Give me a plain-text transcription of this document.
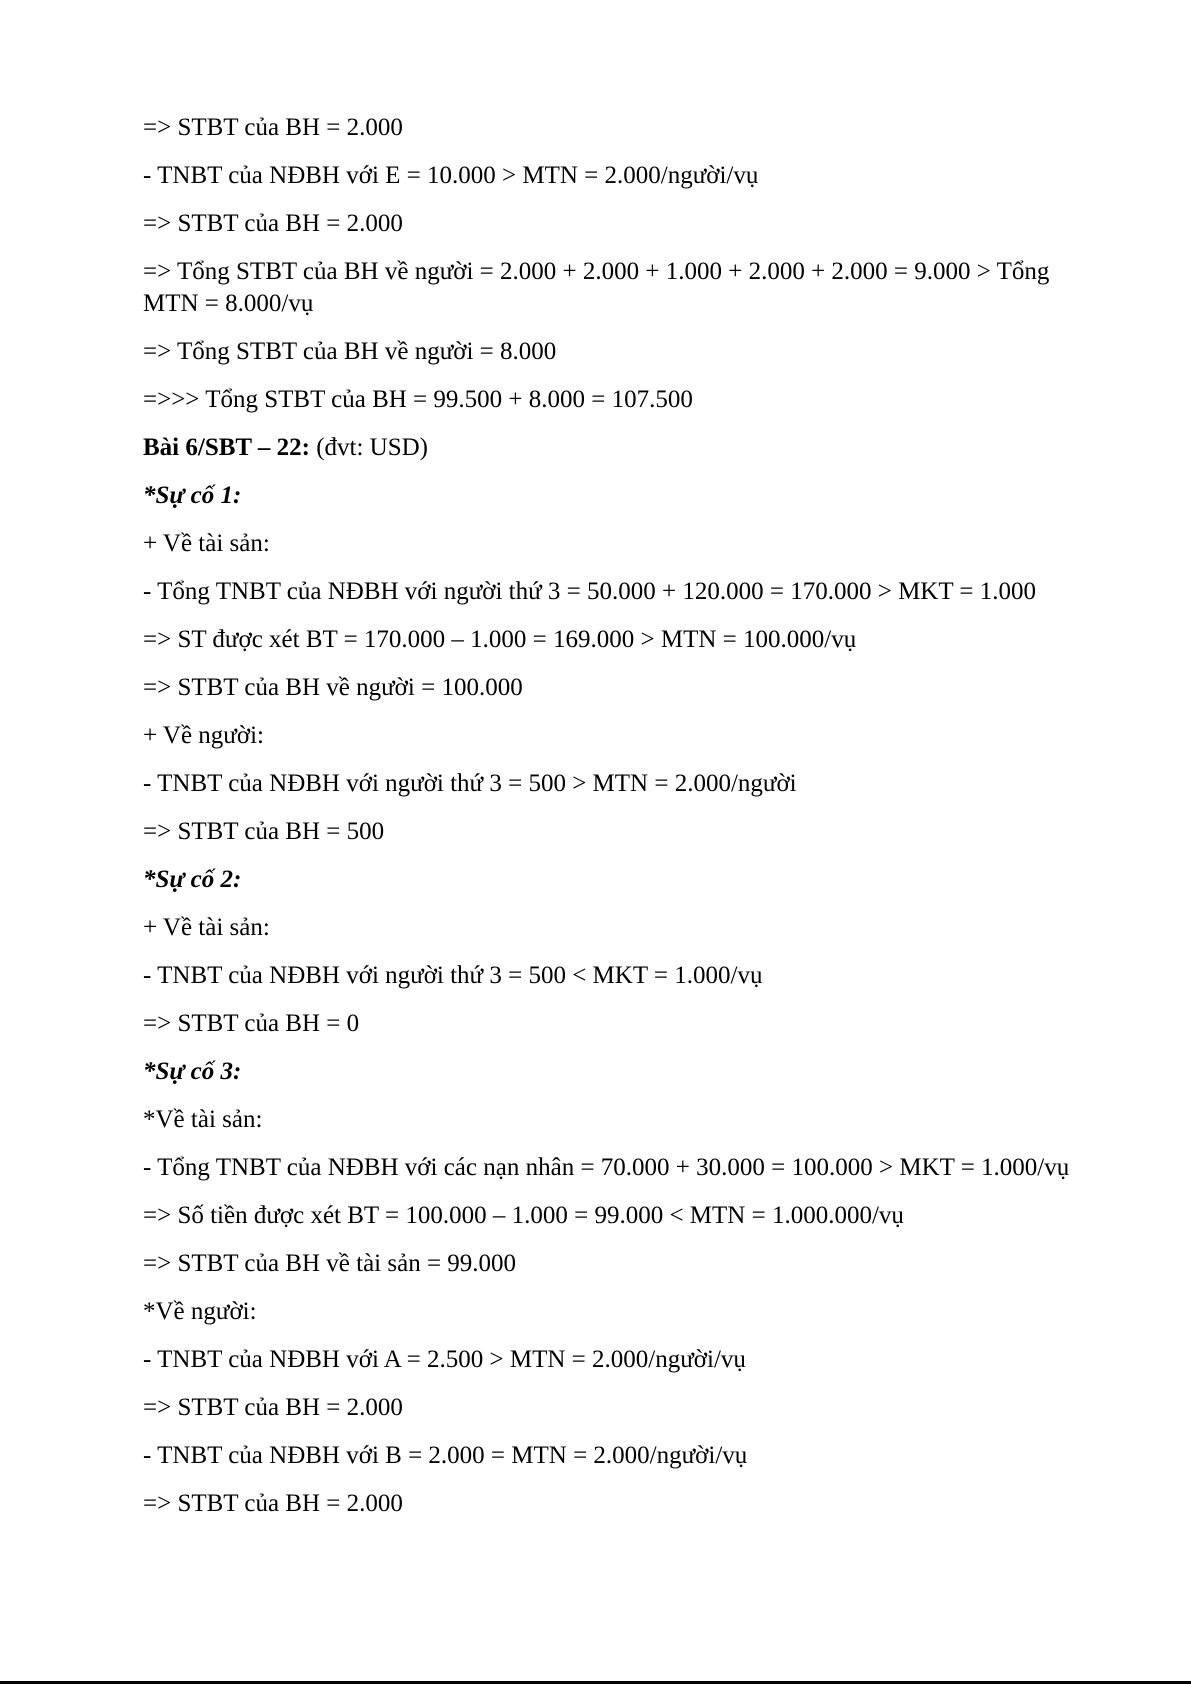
=> STBT của BH = 2.000
- TNBT của NĐBH với E = 10.000 > MTN = 2.000/người/vụ
=> STBT của BH = 2.000
=> Tổng STBT của BH về người = 2.000 + 2.000 + 1.000 + 2.000 + 2.000 = 9.000 > Tổng MTN = 8.000/vụ
=> Tổng STBT của BH về người = 8.000
=>>> Tổng STBT của BH = 99.500 + 8.000 = 107.500
Bài 6/SBT – 22: (đvt: USD)
*Sự cố 1:
+ Về tài sản:
- Tổng TNBT của NĐBH với người thứ 3 = 50.000 + 120.000 = 170.000 > MKT = 1.000
=> ST được xét BT = 170.000 – 1.000 = 169.000 > MTN = 100.000/vụ
=> STBT của BH về người = 100.000
+ Về người:
- TNBT của NĐBH với người thứ 3 = 500 > MTN = 2.000/người
=> STBT của BH = 500
*Sự cố 2:
+ Về tài sản:
- TNBT của NĐBH với người thứ 3 = 500 < MKT = 1.000/vụ
=> STBT của BH = 0
*Sự cố 3:
*Về tài sản:
- Tổng TNBT của NĐBH với các nạn nhân = 70.000 + 30.000 = 100.000 > MKT = 1.000/vụ
=> Số tiền được xét BT = 100.000 – 1.000 = 99.000 < MTN = 1.000.000/vụ
=> STBT của BH về tài sản = 99.000
*Về người:
- TNBT của NĐBH với A = 2.500 > MTN = 2.000/người/vụ
=> STBT của BH = 2.000
- TNBT của NĐBH với B = 2.000 = MTN = 2.000/người/vụ
=> STBT của BH = 2.000
